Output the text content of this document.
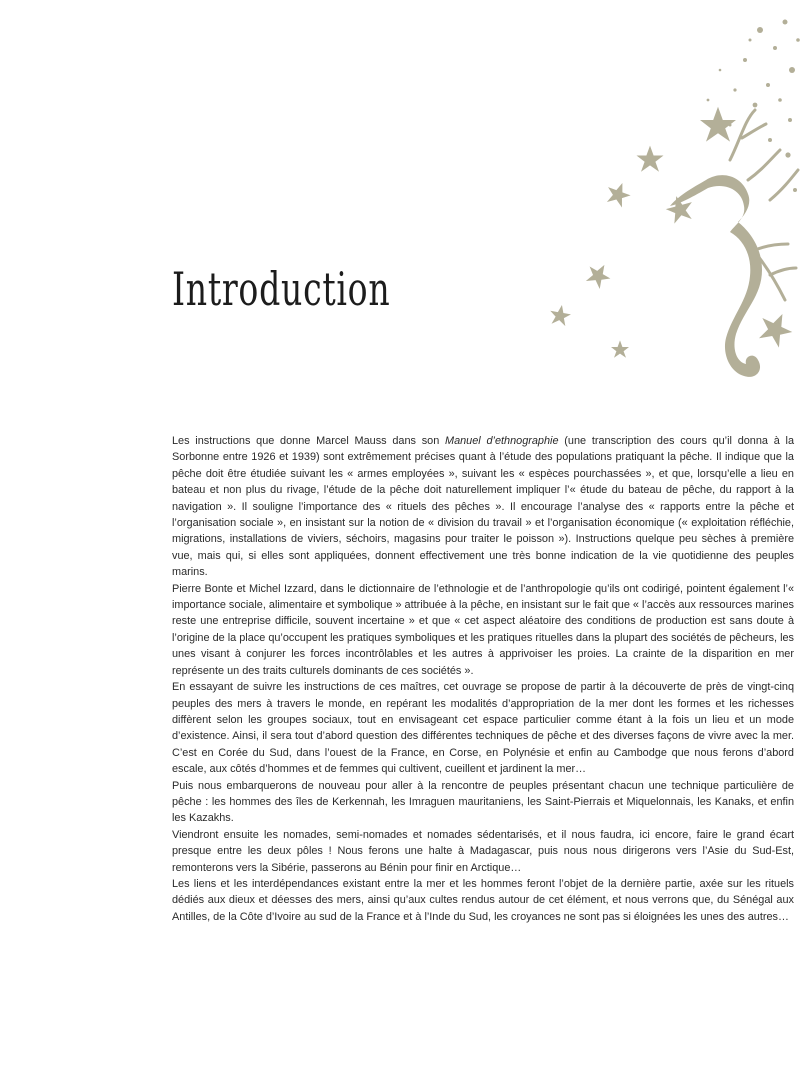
Introduction

Les instructions que donne Marcel Mauss dans son Manuel d’ethnographie (une transcription des cours qu’il donna à la Sorbonne entre 1926 et 1939) sont extrêmement précises quant à l’étude des populations pratiquant la pêche. Il indique que la pêche doit être étudiée suivant les « armes employées », suivant les « espèces pourchassées », et que, lorsqu’elle a lieu en bateau et non plus du rivage, l’étude de la pêche doit naturellement impliquer l’« étude du bateau de pêche, du rapport à la navigation ». Il souligne l’importance des « rituels des pêches ». Il encourage l’analyse des « rapports entre la pêche et l’organisation sociale », en insistant sur la notion de « division du travail » et l’organisation économique (« exploitation réfléchie, migrations, installations de viviers, séchoirs, magasins pour traiter le poisson »). Instructions quelque peu sèches à première vue, mais qui, si elles sont appliquées, donnent effectivement une très bonne indication de la vie quotidienne des peuples marins.

Pierre Bonte et Michel Izzard, dans le dictionnaire de l’ethnologie et de l’anthropologie qu’ils ont codirigé, pointent également l’« importance sociale, alimentaire et symbolique » attribuée à la pêche, en insistant sur le fait que « l’accès aux ressources marines reste une entreprise difficile, souvent incertaine » et que « cet aspect aléatoire des conditions de production est sans doute à l’origine de la place qu’occupent les pratiques symboliques et les pratiques rituelles dans la plupart des sociétés de pêcheurs, les unes visant à conjurer les forces incontrôlables et les autres à apprivoiser les proies. La crainte de la disparition en mer représente un des traits culturels dominants de ces sociétés ».

En essayant de suivre les instructions de ces maîtres, cet ouvrage se propose de partir à la découverte de près de vingt-cinq peuples des mers à travers le monde, en repérant les modalités d’appropriation de la mer dont les formes et les richesses diffèrent selon les groupes sociaux, tout en envisageant cet espace particulier comme étant à la fois un lieu et un mode d’existence. Ainsi, il sera tout d’abord question des différentes techniques de pêche et des diverses façons de vivre avec la mer. C’est en Corée du Sud, dans l’ouest de la France, en Corse, en Polynésie et enfin au Cambodge que nous ferons d’abord escale, aux côtés d’hommes et de femmes qui cultivent, cueillent et jardinent la mer…

Puis nous embarquerons de nouveau pour aller à la rencontre de peuples présentant chacun une technique particulière de pêche : les hommes des îles de Kerkennah, les Imraguen mauritaniens, les Saint-Pierrais et Miquelonnais, les Kanaks, et enfin les Kazakhs.

Viendront ensuite les nomades, semi-nomades et nomades sédentarisés, et il nous faudra, ici encore, faire le grand écart presque entre les deux pôles ! Nous ferons une halte à Madagascar, puis nous nous dirigerons vers l’Asie du Sud-Est, remonterons vers la Sibérie, passerons au Bénin pour finir en Arctique…

Les liens et les interdépendances existant entre la mer et les hommes feront l’objet de la dernière partie, axée sur les rituels dédiés aux dieux et déesses des mers, ainsi qu’aux cultes rendus autour de cet élément, et nous verrons que, du Sénégal aux Antilles, de la Côte d’Ivoire au sud de la France et à l’Inde du Sud, les croyances ne sont pas si éloignées les unes des autres…
